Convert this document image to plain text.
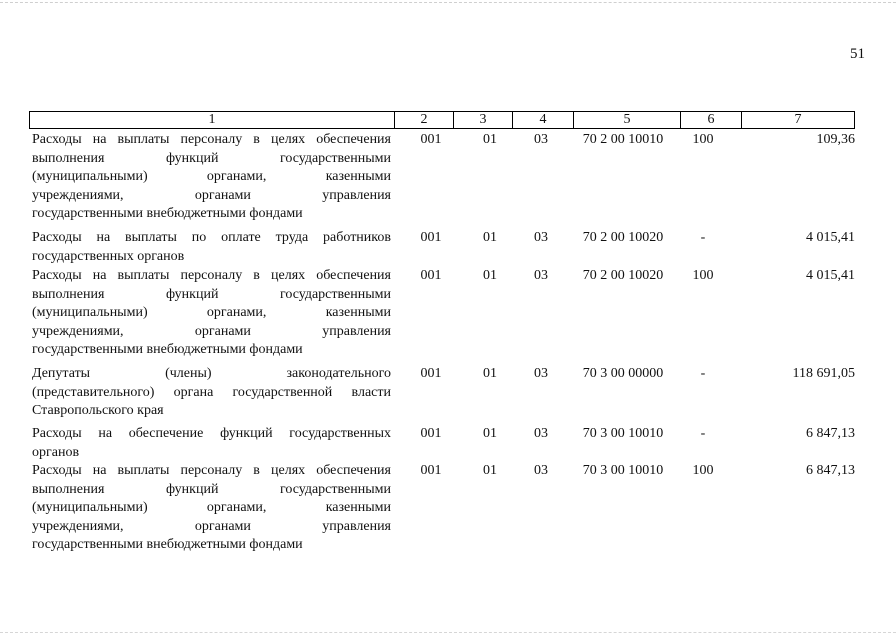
51
1	2	3	4	5	6	7
Расходы на выплаты персоналу в целях обеспечения
выполнения функций государственными
(муниципальными) органами, казенными
учреждениями, органами управления
государственными внебюджетными фондами
001	01	03	70 2 00 10010	100	109,36
Расходы на выплаты по оплате труда работников
государственных органов
001	01	03	70 2 00 10020	-	4 015,41
Расходы на выплаты персоналу в целях обеспечения
выполнения функций государственными
(муниципальными) органами, казенными
учреждениями, органами управления
государственными внебюджетными фондами
001	01	03	70 2 00 10020	100	4 015,41
Депутаты (члены) законодательного
(представительного) органа государственной власти
Ставропольского края
001	01	03	70 3 00 00000	-	118 691,05
Расходы на обеспечение функций государственных
органов
001	01	03	70 3 00 10010	-	6 847,13
Расходы на выплаты персоналу в целях обеспечения
выполнения функций государственными
(муниципальными) органами, казенными
учреждениями, органами управления
государственными внебюджетными фондами
001	01	03	70 3 00 10010	100	6 847,13
